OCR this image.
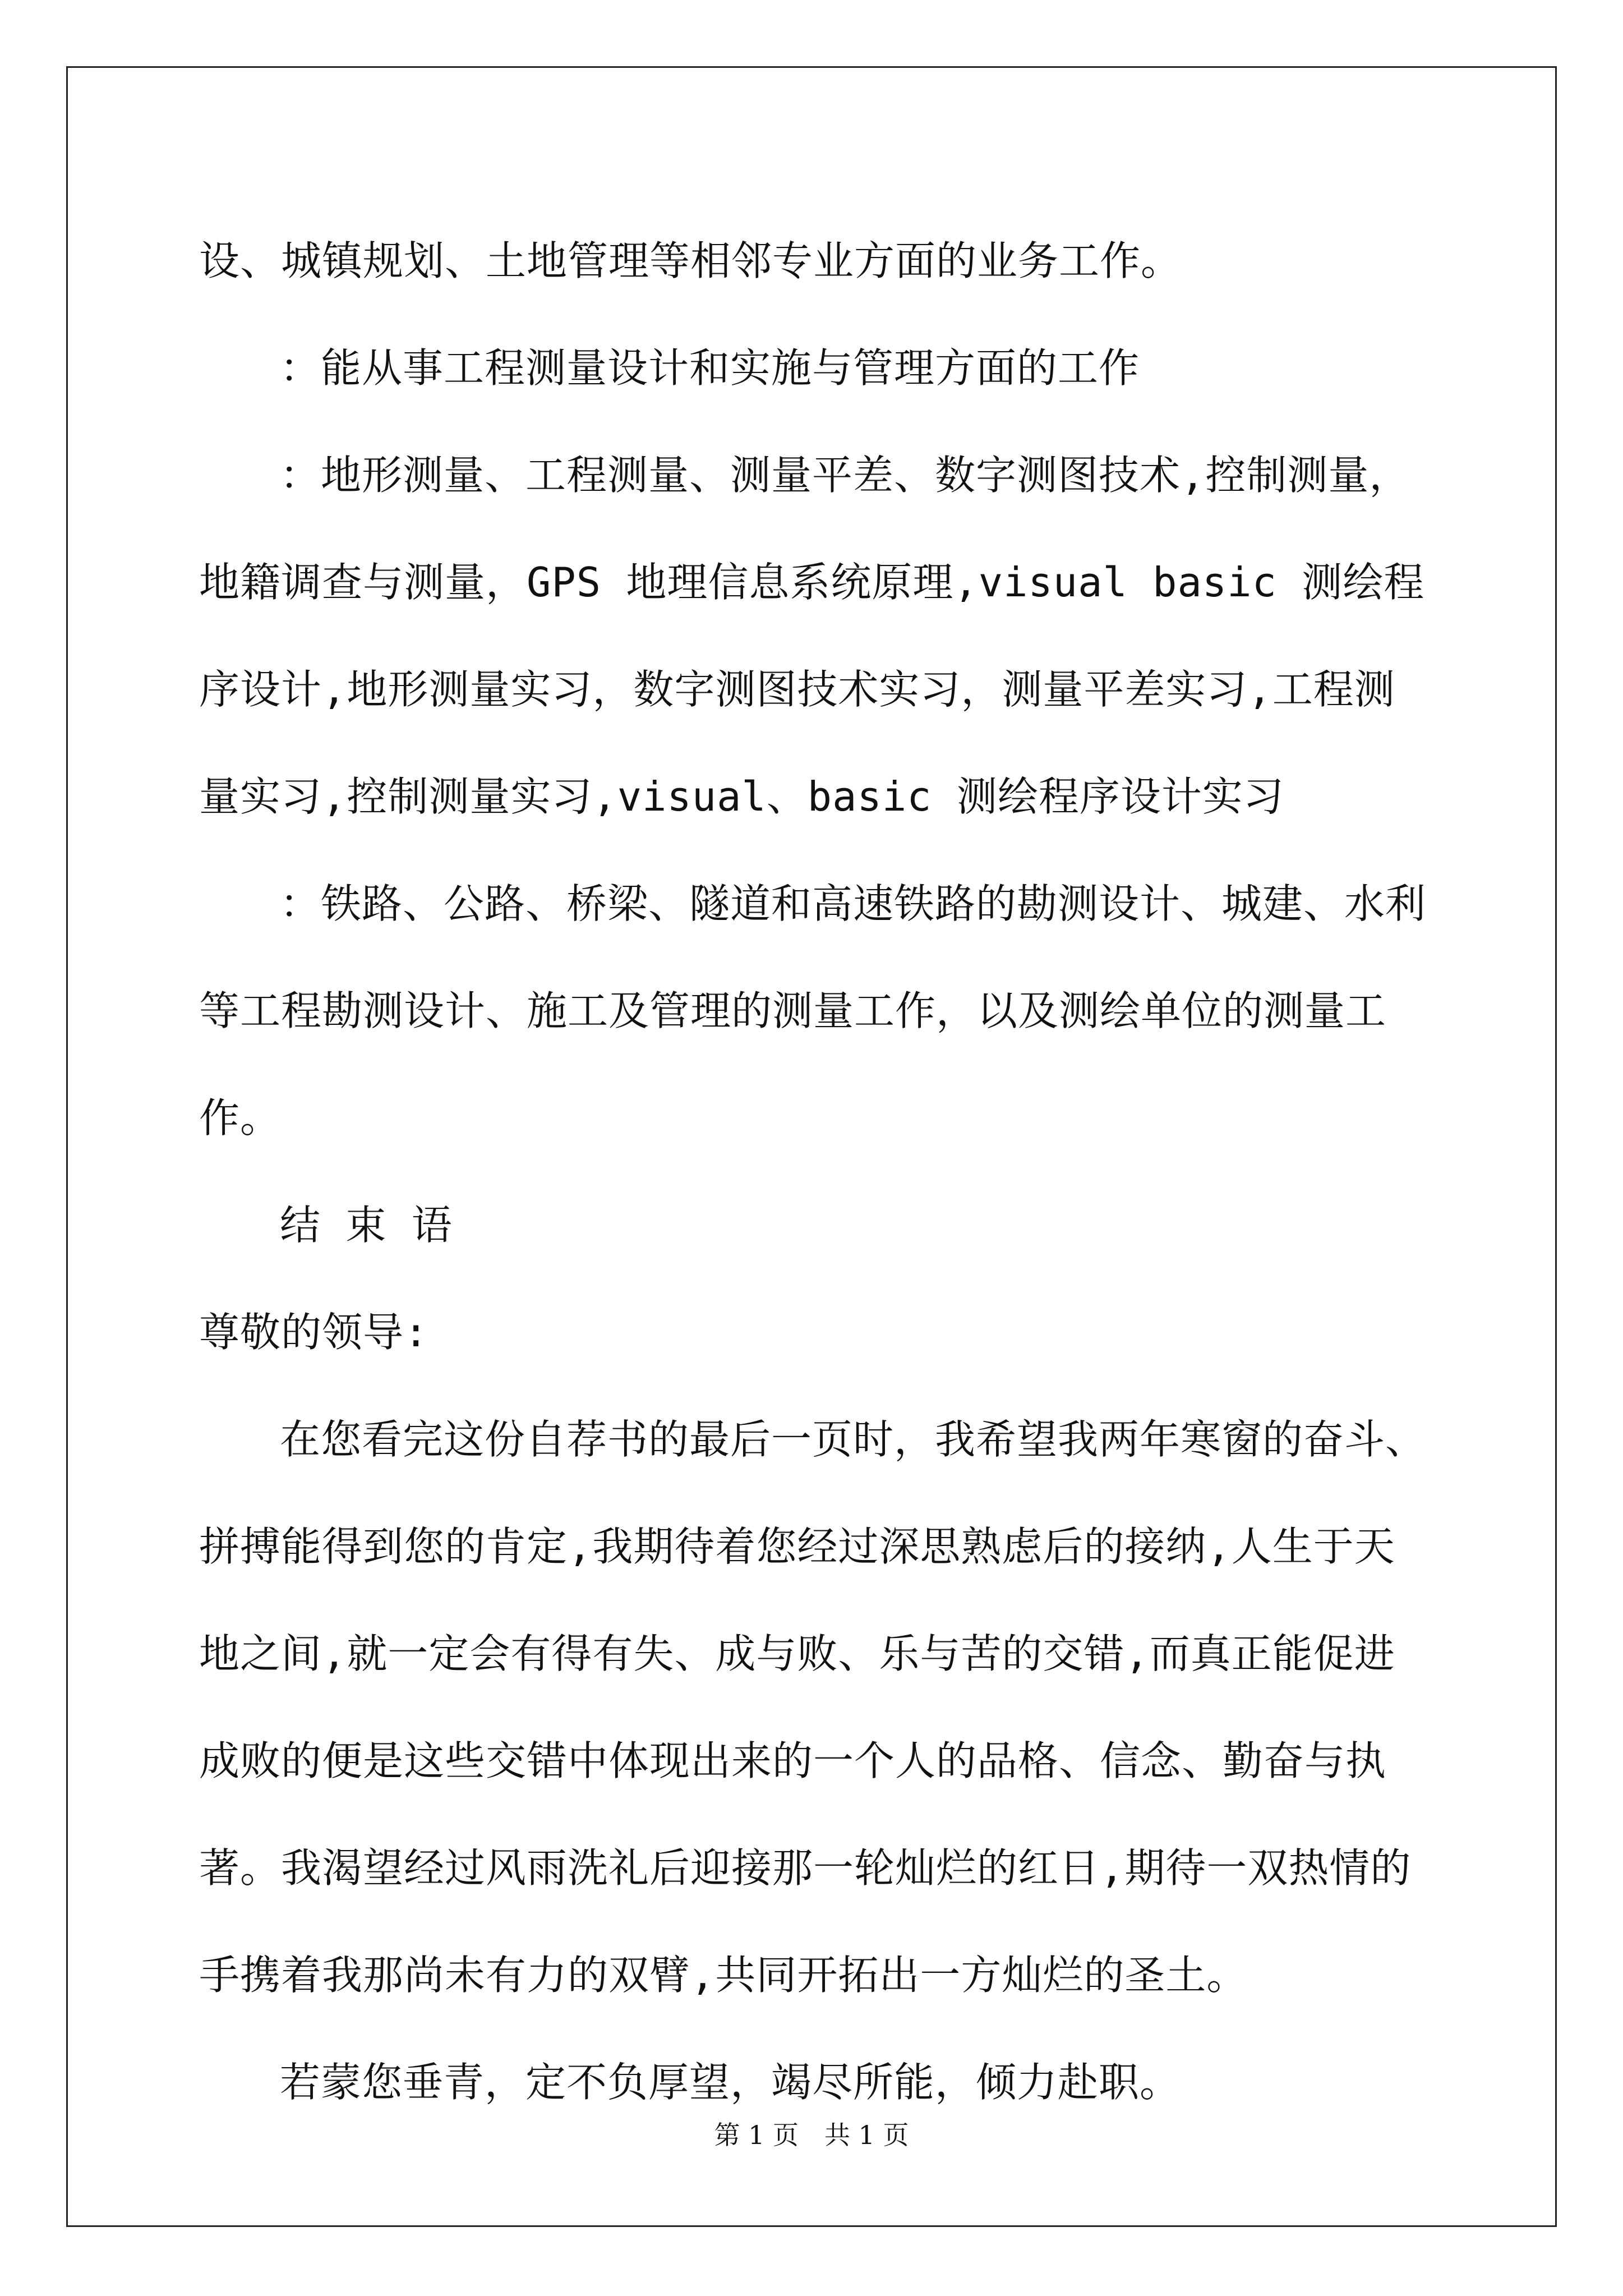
设、城镇规划、土地管理等相邻专业方面的业务工作。

：能从事工程测量设计和实施与管理方面的工作

：地形测量、工程测量、测量平差、数字测图技术,控制测量，地籍调查与测量，GPS 地理信息系统原理,visual basic 测绘程序设计,地形测量实习，数字测图技术实习，测量平差实习,工程测量实习,控制测量实习,visual、basic 测绘程序设计实习

：铁路、公路、桥梁、隧道和高速铁路的勘测设计、城建、水利等工程勘测设计、施工及管理的测量工作，以及测绘单位的测量工作。

结 束 语

尊敬的领导:

在您看完这份自荐书的最后一页时，我希望我两年寒窗的奋斗、拼搏能得到您的肯定,我期待着您经过深思熟虑后的接纳,人生于天地之间,就一定会有得有失、成与败、乐与苦的交错,而真正能促进成败的便是这些交错中体现出来的一个人的品格、信念、勤奋与执著。我渴望经过风雨洗礼后迎接那一轮灿烂的红日,期待一双热情的手携着我那尚未有力的双臂,共同开拓出一方灿烂的圣土。

若蒙您垂青，定不负厚望，竭尽所能，倾力赴职。

第 1 页　共 1 页
